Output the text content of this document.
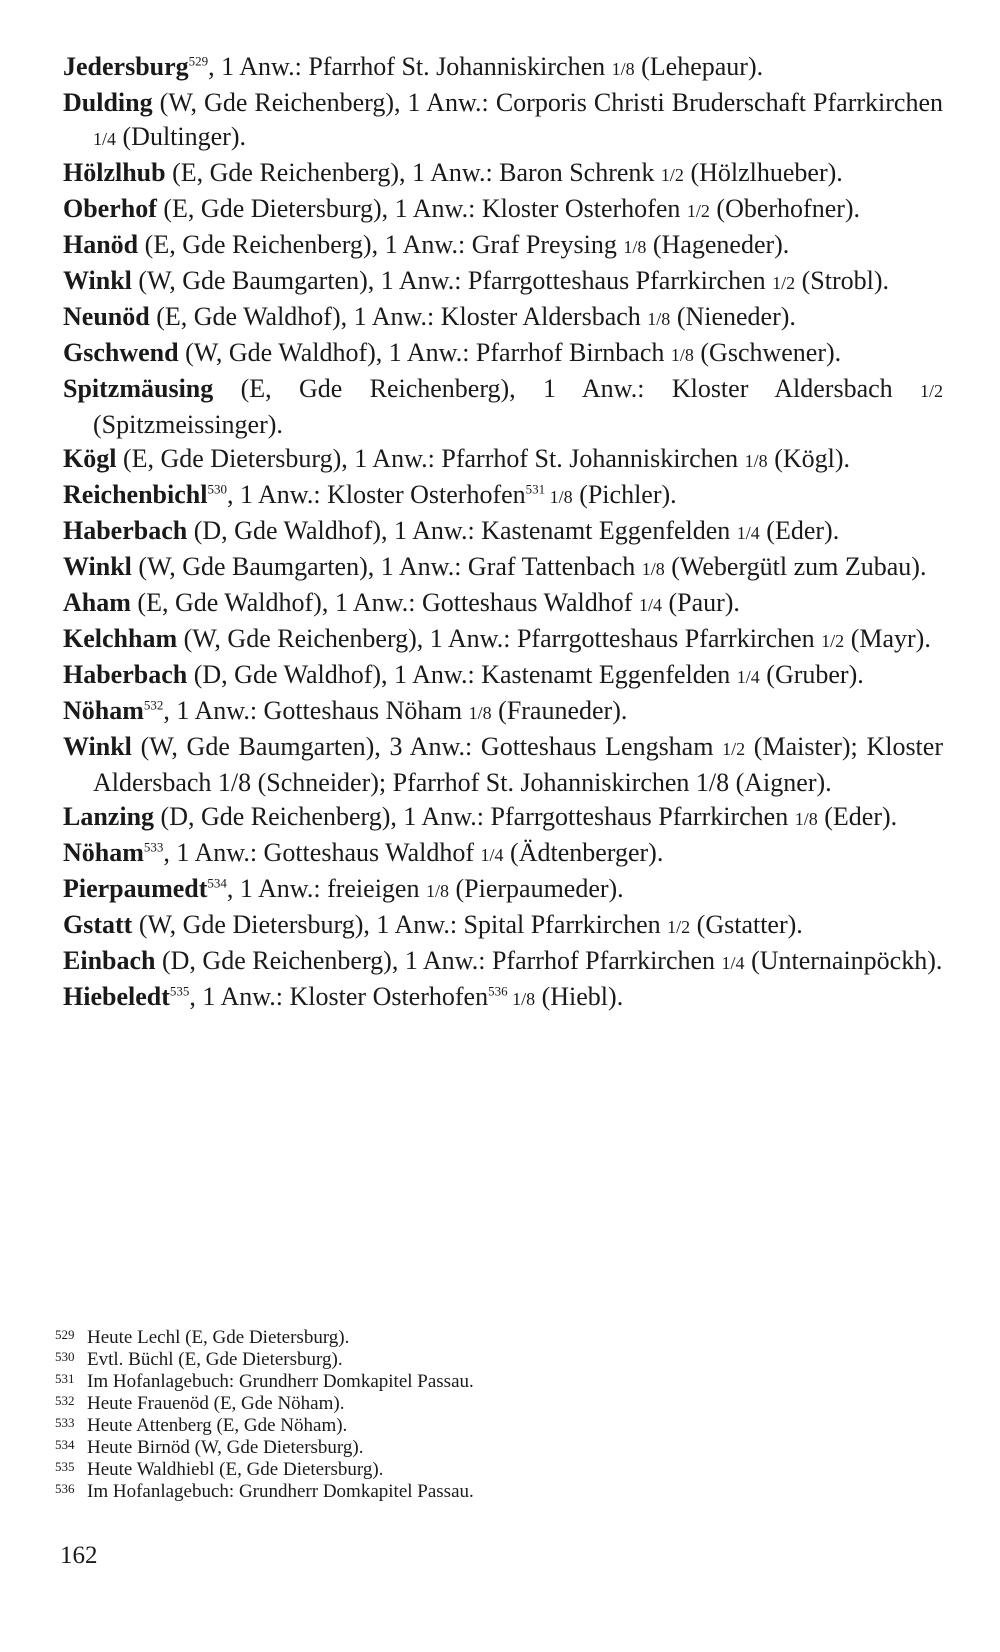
Jedersburg$^{529}$, 1 Anw.: Pfarrhof St. Johanniskirchen 1/8 (Lehepaur).

Dulding (W, Gde Reichenberg), 1 Anw.: Corporis Christi Bruderschaft Pfarrkirchen 1/4 (Dultinger).

Hölzlhub (E, Gde Reichenberg), 1 Anw.: Baron Schrenk 1/2 (Hölzlhueber).

Oberhof (E, Gde Dietersburg), 1 Anw.: Kloster Osterhofen 1/2 (Oberhofner).

Hanöd (E, Gde Reichenberg), 1 Anw.: Graf Preysing 1/8 (Hageneder).

Winkl (W, Gde Baumgarten), 1 Anw.: Pfarrgotteshaus Pfarrkirchen 1/2 (Strobl).

Neunöd (E, Gde Waldhof), 1 Anw.: Kloster Aldersbach 1/8 (Nieneder).

Gschwend (W, Gde Waldhof), 1 Anw.: Pfarrhof Birnbach 1/8 (Gschwener).

Spitzmäusing (E, Gde Reichenberg), 1 Anw.: Kloster Aldersbach 1/2 (Spitzmeissinger).

Kögl (E, Gde Dietersburg), 1 Anw.: Pfarrhof St. Johanniskirchen 1/8 (Kögl).

Reichenbichl$^{530}$, 1 Anw.: Kloster Osterhofen$^{531}$ 1/8 (Pichler).

Haberbach (D, Gde Waldhof), 1 Anw.: Kastenamt Eggenfelden 1/4 (Eder).

Winkl (W, Gde Baumgarten), 1 Anw.: Graf Tattenbach 1/8 (Webergütl zum Zubau).

Aham (E, Gde Waldhof), 1 Anw.: Gotteshaus Waldhof 1/4 (Paur).

Kelchham (W, Gde Reichenberg), 1 Anw.: Pfarrgotteshaus Pfarrkirchen 1/2 (Mayr).

Haberbach (D, Gde Waldhof), 1 Anw.: Kastenamt Eggenfelden 1/4 (Gruber).

Nöham$^{532}$, 1 Anw.: Gotteshaus Nöham 1/8 (Frauneder).

Winkl (W, Gde Baumgarten), 3 Anw.: Gotteshaus Lengsham 1/2 (Maister); Kloster Aldersbach 1/8 (Schneider); Pfarrhof St. Johanniskirchen 1/8 (Aigner).

Lanzing (D, Gde Reichenberg), 1 Anw.: Pfarrgotteshaus Pfarrkirchen 1/8 (Eder).

Nöham$^{533}$, 1 Anw.: Gotteshaus Waldhof 1/4 (Ädtenberger).

Pierpaumedt$^{534}$, 1 Anw.: freieigen 1/8 (Pierpaumeder).

Gstatt (W, Gde Dietersburg), 1 Anw.: Spital Pfarrkirchen 1/2 (Gstatter).

Einbach (D, Gde Reichenberg), 1 Anw.: Pfarrhof Pfarrkirchen 1/4 (Unternainpöckh).

Hiebeledt$^{535}$, 1 Anw.: Kloster Osterhofen$^{536}$ 1/8 (Hiebl).

529 Heute Lechl (E, Gde Dietersburg).

530 Evtl. Büchl (E, Gde Dietersburg).

531 Im Hofanlagebuch: Grundherr Domkapitel Passau.

532 Heute Frauenöd (E, Gde Nöham).

533 Heute Attenberg (E, Gde Nöham).

534 Heute Birnöd (W, Gde Dietersburg).

535 Heute Waldhiebl (E, Gde Dietersburg).

536 Im Hofanlagebuch: Grundherr Domkapitel Passau.

162
